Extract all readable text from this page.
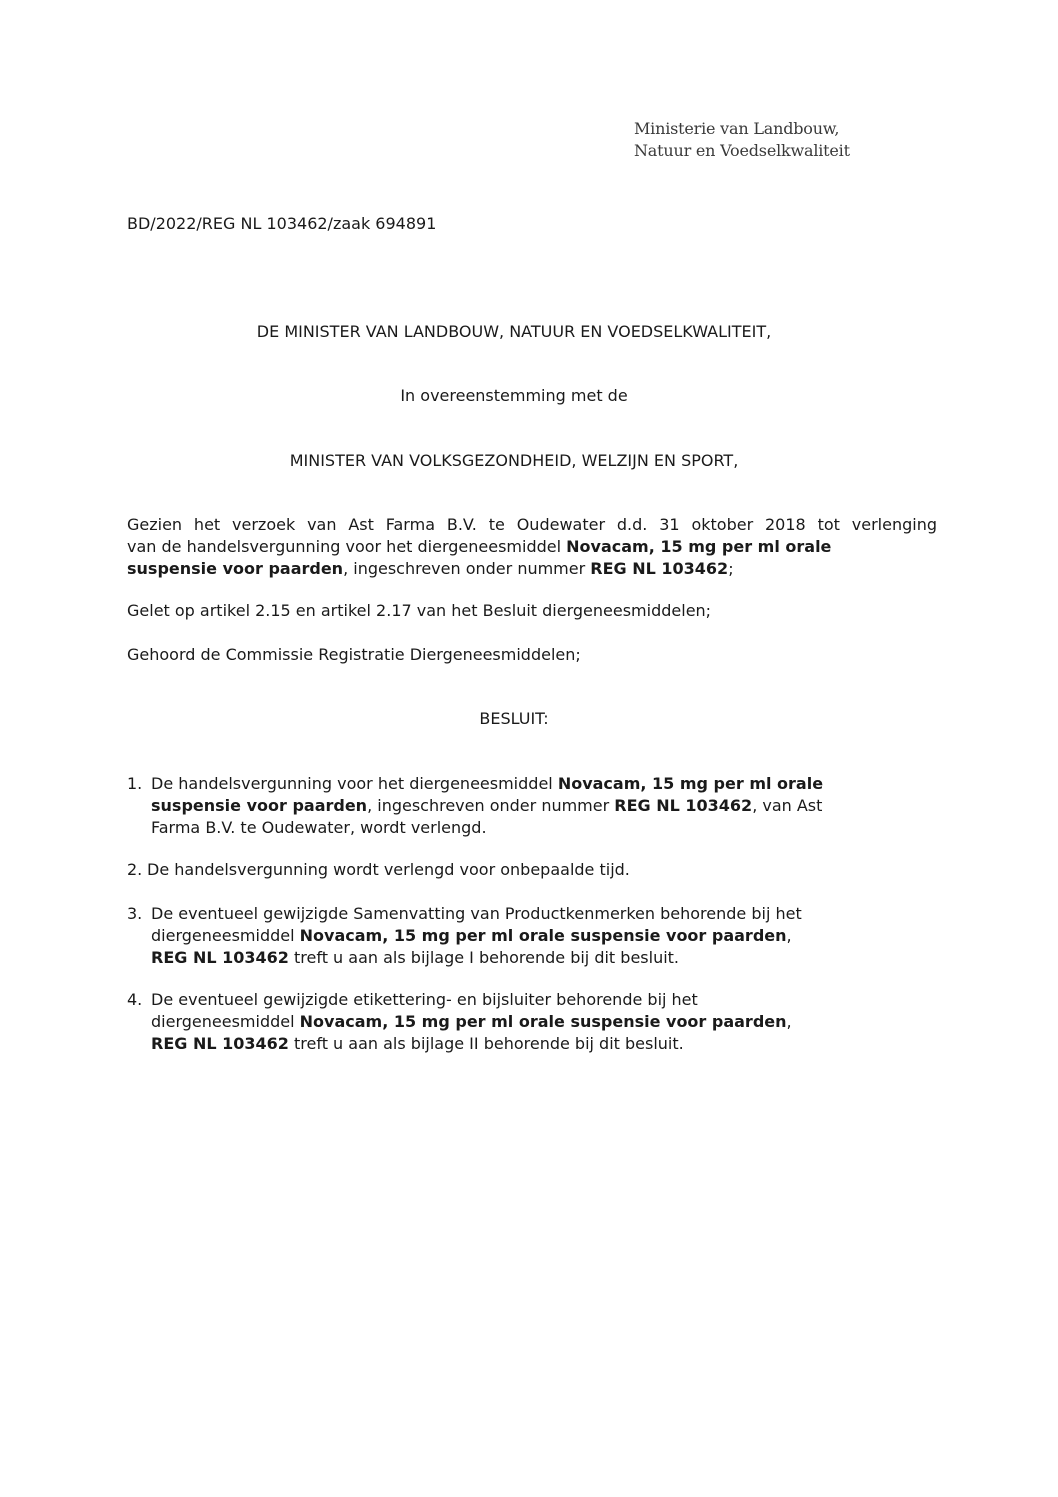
Ministerie van Landbouw,
Natuur en Voedselkwaliteit
BD/2022/REG NL 103462/zaak 694891
DE MINISTER VAN LANDBOUW, NATUUR EN VOEDSELKWALITEIT,
In overeenstemming met de
MINISTER VAN VOLKSGEZONDHEID, WELZIJN EN SPORT,
Gezien het verzoek van Ast Farma B.V. te Oudewater d.d. 31 oktober 2018 tot verlenging
van de handelsvergunning voor het diergeneesmiddel Novacam, 15 mg per ml orale
suspensie voor paarden, ingeschreven onder nummer REG NL 103462;
Gelet op artikel 2.15 en artikel 2.17 van het Besluit diergeneesmiddelen;
Gehoord de Commissie Registratie Diergeneesmiddelen;
BESLUIT:
1. De handelsvergunning voor het diergeneesmiddel Novacam, 15 mg per ml orale
suspensie voor paarden, ingeschreven onder nummer REG NL 103462, van Ast
Farma B.V. te Oudewater, wordt verlengd.
2. De handelsvergunning wordt verlengd voor onbepaalde tijd.
3. De eventueel gewijzigde Samenvatting van Productkenmerken behorende bij het
diergeneesmiddel Novacam, 15 mg per ml orale suspensie voor paarden,
REG NL 103462 treft u aan als bijlage I behorende bij dit besluit.
4. De eventueel gewijzigde etikettering- en bijsluiter behorende bij het
diergeneesmiddel Novacam, 15 mg per ml orale suspensie voor paarden,
REG NL 103462 treft u aan als bijlage II behorende bij dit besluit.
